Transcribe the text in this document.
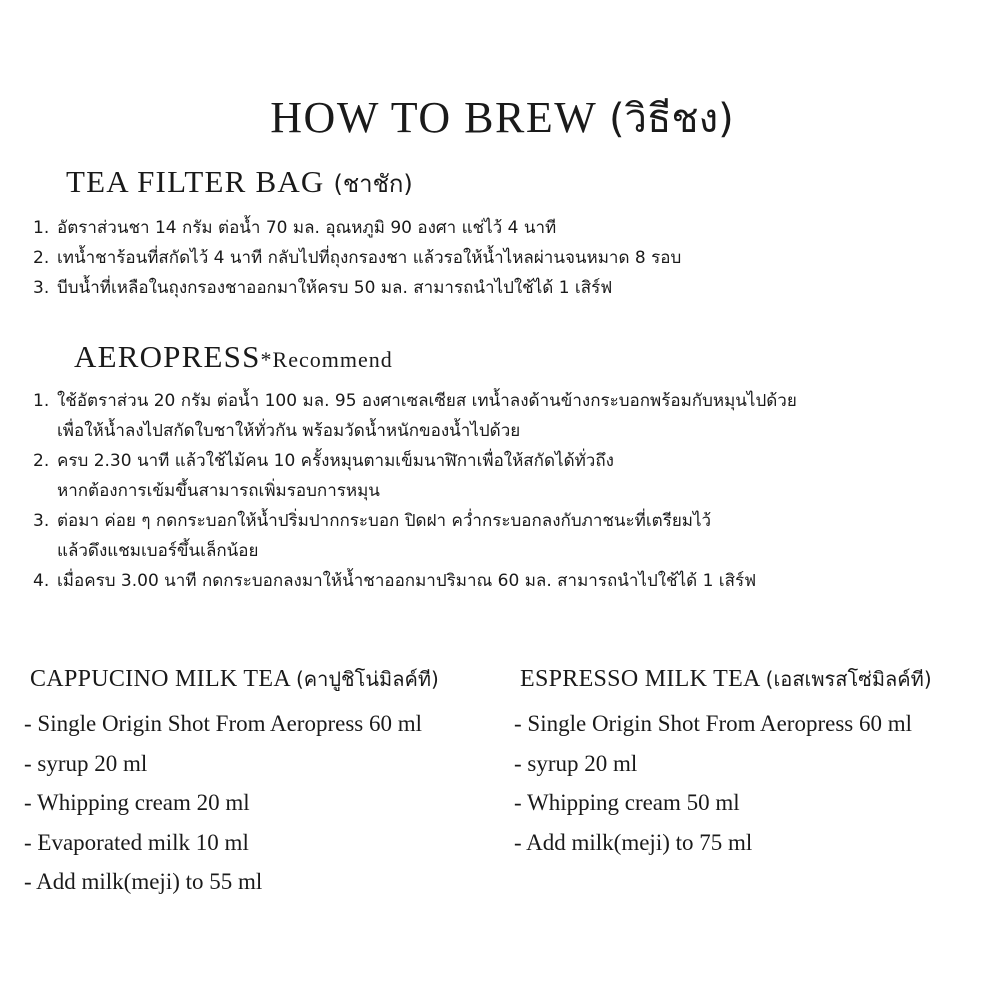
HOW TO BREW (วิธีชง)
TEA FILTER BAG (ชาชัก)
1. อัตราส่วนชา 14 กรัม ต่อน้ำ 70 มล. อุณหภูมิ 90 องศา แช่ไว้ 4 นาที
2. เทน้ำชาร้อนที่สกัดไว้ 4 นาที กลับไปที่ถุงกรองชา แล้วรอให้น้ำไหลผ่านจนหมาด 8 รอบ
3. บีบน้ำที่เหลือในถุงกรองชาออกมาให้ครบ 50 มล. สามารถนำไปใช้ได้ 1 เสิร์ฟ
AEROPRESS*Recommend
1. ใช้อัตราส่วน 20 กรัม ต่อน้ำ 100 มล. 95 องศาเซลเซียส เทน้ำลงด้านข้างกระบอกพร้อมกับหมุนไปด้วย
เพื่อให้น้ำลงไปสกัดใบชาให้ทั่วกัน พร้อมวัดน้ำหนักของน้ำไปด้วย
2. ครบ 2.30 นาที แล้วใช้ไม้คน 10 ครั้งหมุนตามเข็มนาฬิกาเพื่อให้สกัดได้ทั่วถึง
หากต้องการเข้มขึ้นสามารถเพิ่มรอบการหมุน
3. ต่อมา ค่อย ๆ กดกระบอกให้น้ำปริ่มปากกระบอก ปิดฝา คว่ำกระบอกลงกับภาชนะที่เตรียมไว้
แล้วดึงแชมเบอร์ขึ้นเล็กน้อย
4. เมื่อครบ 3.00 นาที กดกระบอกลงมาให้น้ำชาออกมาปริมาณ 60 มล. สามารถนำไปใช้ได้ 1 เสิร์ฟ
CAPPUCINO MILK TEA (คาปูชิโน่มิลค์ที)
- Single Origin Shot From Aeropress 60 ml
- syrup 20 ml
- Whipping cream 20 ml
- Evaporated milk 10 ml
- Add milk(meji) to 55 ml
ESPRESSO MILK TEA (เอสเพรสโซ่มิลค์ที)
- Single Origin Shot From Aeropress 60 ml
- syrup 20 ml
- Whipping cream 50 ml
- Add milk(meji) to 75 ml
